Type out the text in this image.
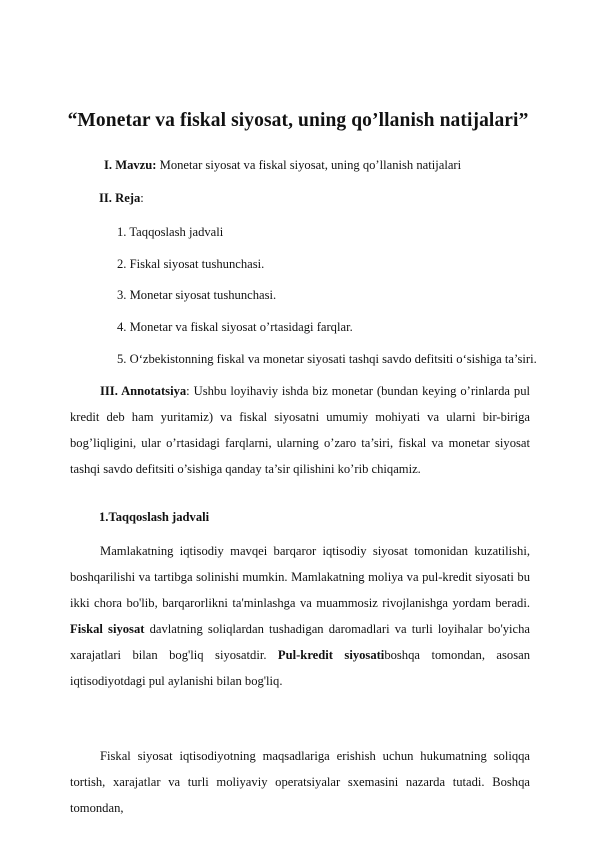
“Monetar va fiskal siyosat, uning qo’llanish natijalari”

I. Mavzu: Monetar siyosat va fiskal siyosat, uning qo’llanish natijalari

II. Reja:

1. Taqqoslash jadvali

2. Fiskal siyosat tushunchasi.

3. Monetar siyosat tushunchasi.

4. Monetar va fiskal siyosat o’rtasidagi farqlar.

5. O‘zbekistonning fiskal va monetar siyosati tashqi savdo defitsiti o‘sishiga ta’siri.

III. Annotatsiya: Ushbu loyihaviy ishda biz monetar (bundan keying o’rinlarda pul kredit deb ham yuritamiz) va fiskal siyosatni umumiy mohiyati va ularni bir-biriga bog’liqligini, ular o’rtasidagi farqlarni, ularning o’zaro ta’siri, fiskal va monetar siyosat tashqi savdo defitsiti o’sishiga qanday ta’sir qilishini ko’rib chiqamiz.

1.Taqqoslash jadvali

Mamlakatning iqtisodiy mavqei barqaror iqtisodiy siyosat tomonidan kuzatilishi, boshqarilishi va tartibga solinishi mumkin. Mamlakatning moliya va pul-kredit siyosati bu ikki chora bo'lib, barqarorlikni ta'minlashga va muammosiz rivojlanishga yordam beradi. Fiskal siyosat davlatning soliqlardan tushadigan daromadlari va turli loyihalar bo'yicha xarajatlari bilan bog'liq siyosatdir. Pul-kredit siyosatiboshqa tomondan, asosan iqtisodiyotdagi pul aylanishi bilan bog'liq.

Fiskal siyosat iqtisodiyotning maqsadlariga erishish uchun hukumatning soliqqa tortish, xarajatlar va turli moliyaviy operatsiyalar sxemasini nazarda tutadi. Boshqa tomondan,
